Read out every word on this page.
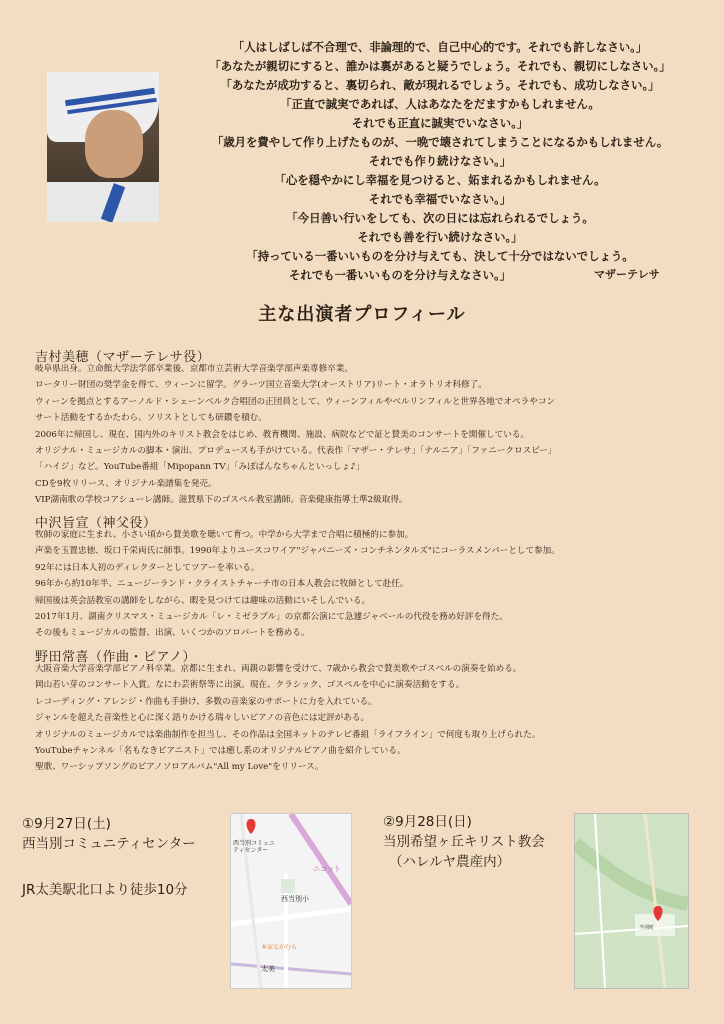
「人はしばしば不合理で、非論理的で、自己中心的です。それでも許しなさい。」
「あなたが親切にすると、誰かは裏があると疑うでしょう。それでも、親切にしなさい。」
「あなたが成功すると、裏切られ、敵が現れるでしょう。それでも、成功しなさい。」
「正直で誠実であれば、人はあなたをだますかもしれません。
それでも正直に誠実でいなさい。」
「歳月を費やして作り上げたものが、一晩で壊されてしまうことになるかもしれません。
それでも作り続けなさい。」
「心を穏やかにし幸福を見つけると、妬まれるかもしれません。
それでも幸福でいなさい。」
「今日善い行いをしても、次の日には忘れられるでしょう。
それでも善を行い続けなさい。」
「持っている一番いいものを分け与えても、決して十分ではないでしょう。
それでも一番いいものを分け与えなさい。」	マザーテレサ
主な出演者プロフィール
吉村美穂（マザーテレサ役）
岐阜県出身。立命館大学法学部卒業後、京都市立芸術大学音楽学部声楽専修卒業。
ロータリー財団の奨学金を得て、ウィーンに留学。グラーツ国立音楽大学(オーストリア)リート・オラトリオ科修了。
ウィーンを拠点とするアーノルド・シェーンベルク合唱団の正団員として、ウィーンフィルやベルリンフィルと世界各地でオペラやコン
サート活動をするかたわら、ソリストとしても研鑽を積む。
2006年に帰国し、現在、国内外のキリスト教会をはじめ、教育機関、施設、病院などで証と賛美のコンサートを開催している。
オリジナル・ミュージカルの脚本・演出、プロデュースも手がけている。代表作「マザー・テレサ」「ナルニア」「ファニークロスビー」
「ハイジ」など。YouTube番組「Mipopann TV」「みぽぱんなちゃんといっしょ♪」
CDを9枚リリース、オリジナル楽譜集を発売。
VIP湖南歌の学校コアシューレ講師。滋賀県下のゴスペル教室講師。音楽健康指導士準2級取得。
中沢旨宣（神父役）
牧師の家庭に生まれ、小さい頃から賛美歌を聴いて育つ。中学から大学まで合唱に積極的に参加。
声楽を玉置忠徳、坂口千栄両氏に師事。1990年よりユースコワイア"ジャパニーズ・コンチネンタルズ"にコーラスメンバーとして参加。
92年には日本人初のディレクターとしてツアーを率いる。
96年から約10年半、ニュージーランド・クライストチャーチ市の日本人教会に牧師として赴任。
帰国後は英会話教室の講師をしながら、暇を見つけては趣味の活動にいそしんでいる。
2017年1月、湖南クリスマス・ミュージカル「レ・ミゼラブル」の京都公演にて急遽ジャベールの代役を務め好評を得た。
その後もミュージカルの監督、出演、いくつかのソロパートを務める。
野田常喜（作曲・ピアノ）
大阪音楽大学音楽学部ピアノ科卒業。京都に生まれ、両親の影響を受けて、7歳から教会で賛美歌やゴスペルの演奏を始める。
岡山若い芽のコンサート入賞。なにわ芸術祭等に出演。現在、クラシック、ゴスペルを中心に演奏活動をする。
レコーディング・アレンジ・作曲も手掛け、多数の音楽家のサポートに力を入れている。
ジャンルを超えた音楽性と心に深く語りかける瑞々しいピアノの音色には定評がある。
オリジナルのミュージカルでは楽曲制作を担当し、その作品は全国ネットのテレビ番組「ライフライン」で何度も取り上げられた。
YouTubeチャンネル「名もなきピアニスト」では癒し系のオリジナルピアノ曲を紹介している。
聖歌、ワーシップソングのピアノソロアルバム"All my Love"をリリース。
①9月27日(土)
西当別コミュニティセンター
JR太美駅北口より徒歩10分
西当別コミュニ
ティセンター
ニコット
西当別小
本家なかむら
太美
②9月28日(日)
当別希望ヶ丘キリスト教会
（ハレルヤ農産内）
当別町
